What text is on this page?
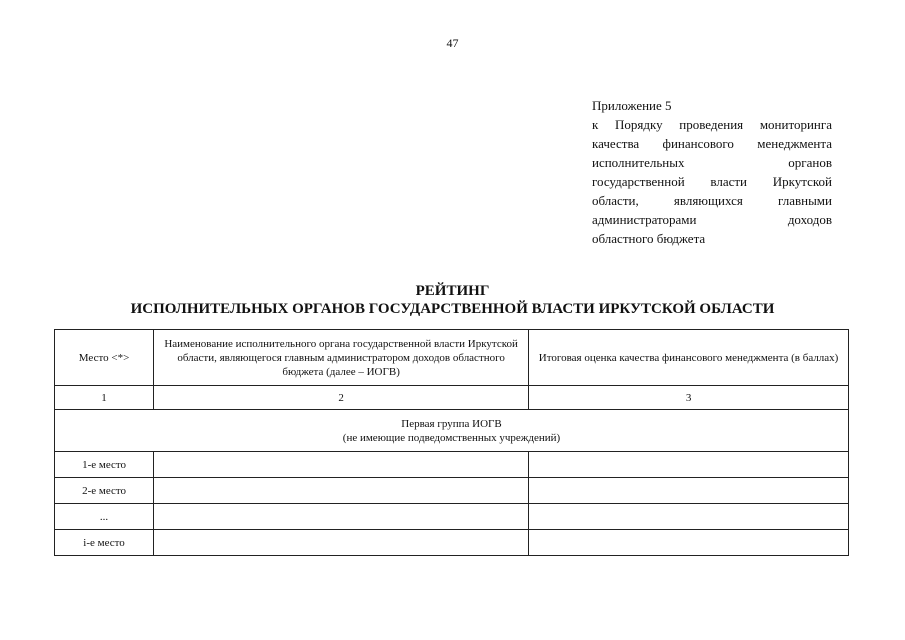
47
Приложение 5
к Порядку проведения мониторинга
качества финансового менеджмента
исполнительных органов
государственной власти Иркутской
области, являющихся главными
администраторами доходов
областного бюджета
РЕЙТИНГ
ИСПОЛНИТЕЛЬНЫХ ОРГАНОВ ГОСУДАРСТВЕННОЙ ВЛАСТИ ИРКУТСКОЙ ОБЛАСТИ
Место <*>	Наименование исполнительного органа государственной власти Иркутской области, являющегося главным администратором доходов областного бюджета (далее – ИОГВ)	Итоговая оценка качества финансового менеджмента (в баллах)
1	2	3

Первая группа ИОГВ
(не имеющие подведомственных учреждений)		

1-е место		
2-е место		
...		
i-е место		
